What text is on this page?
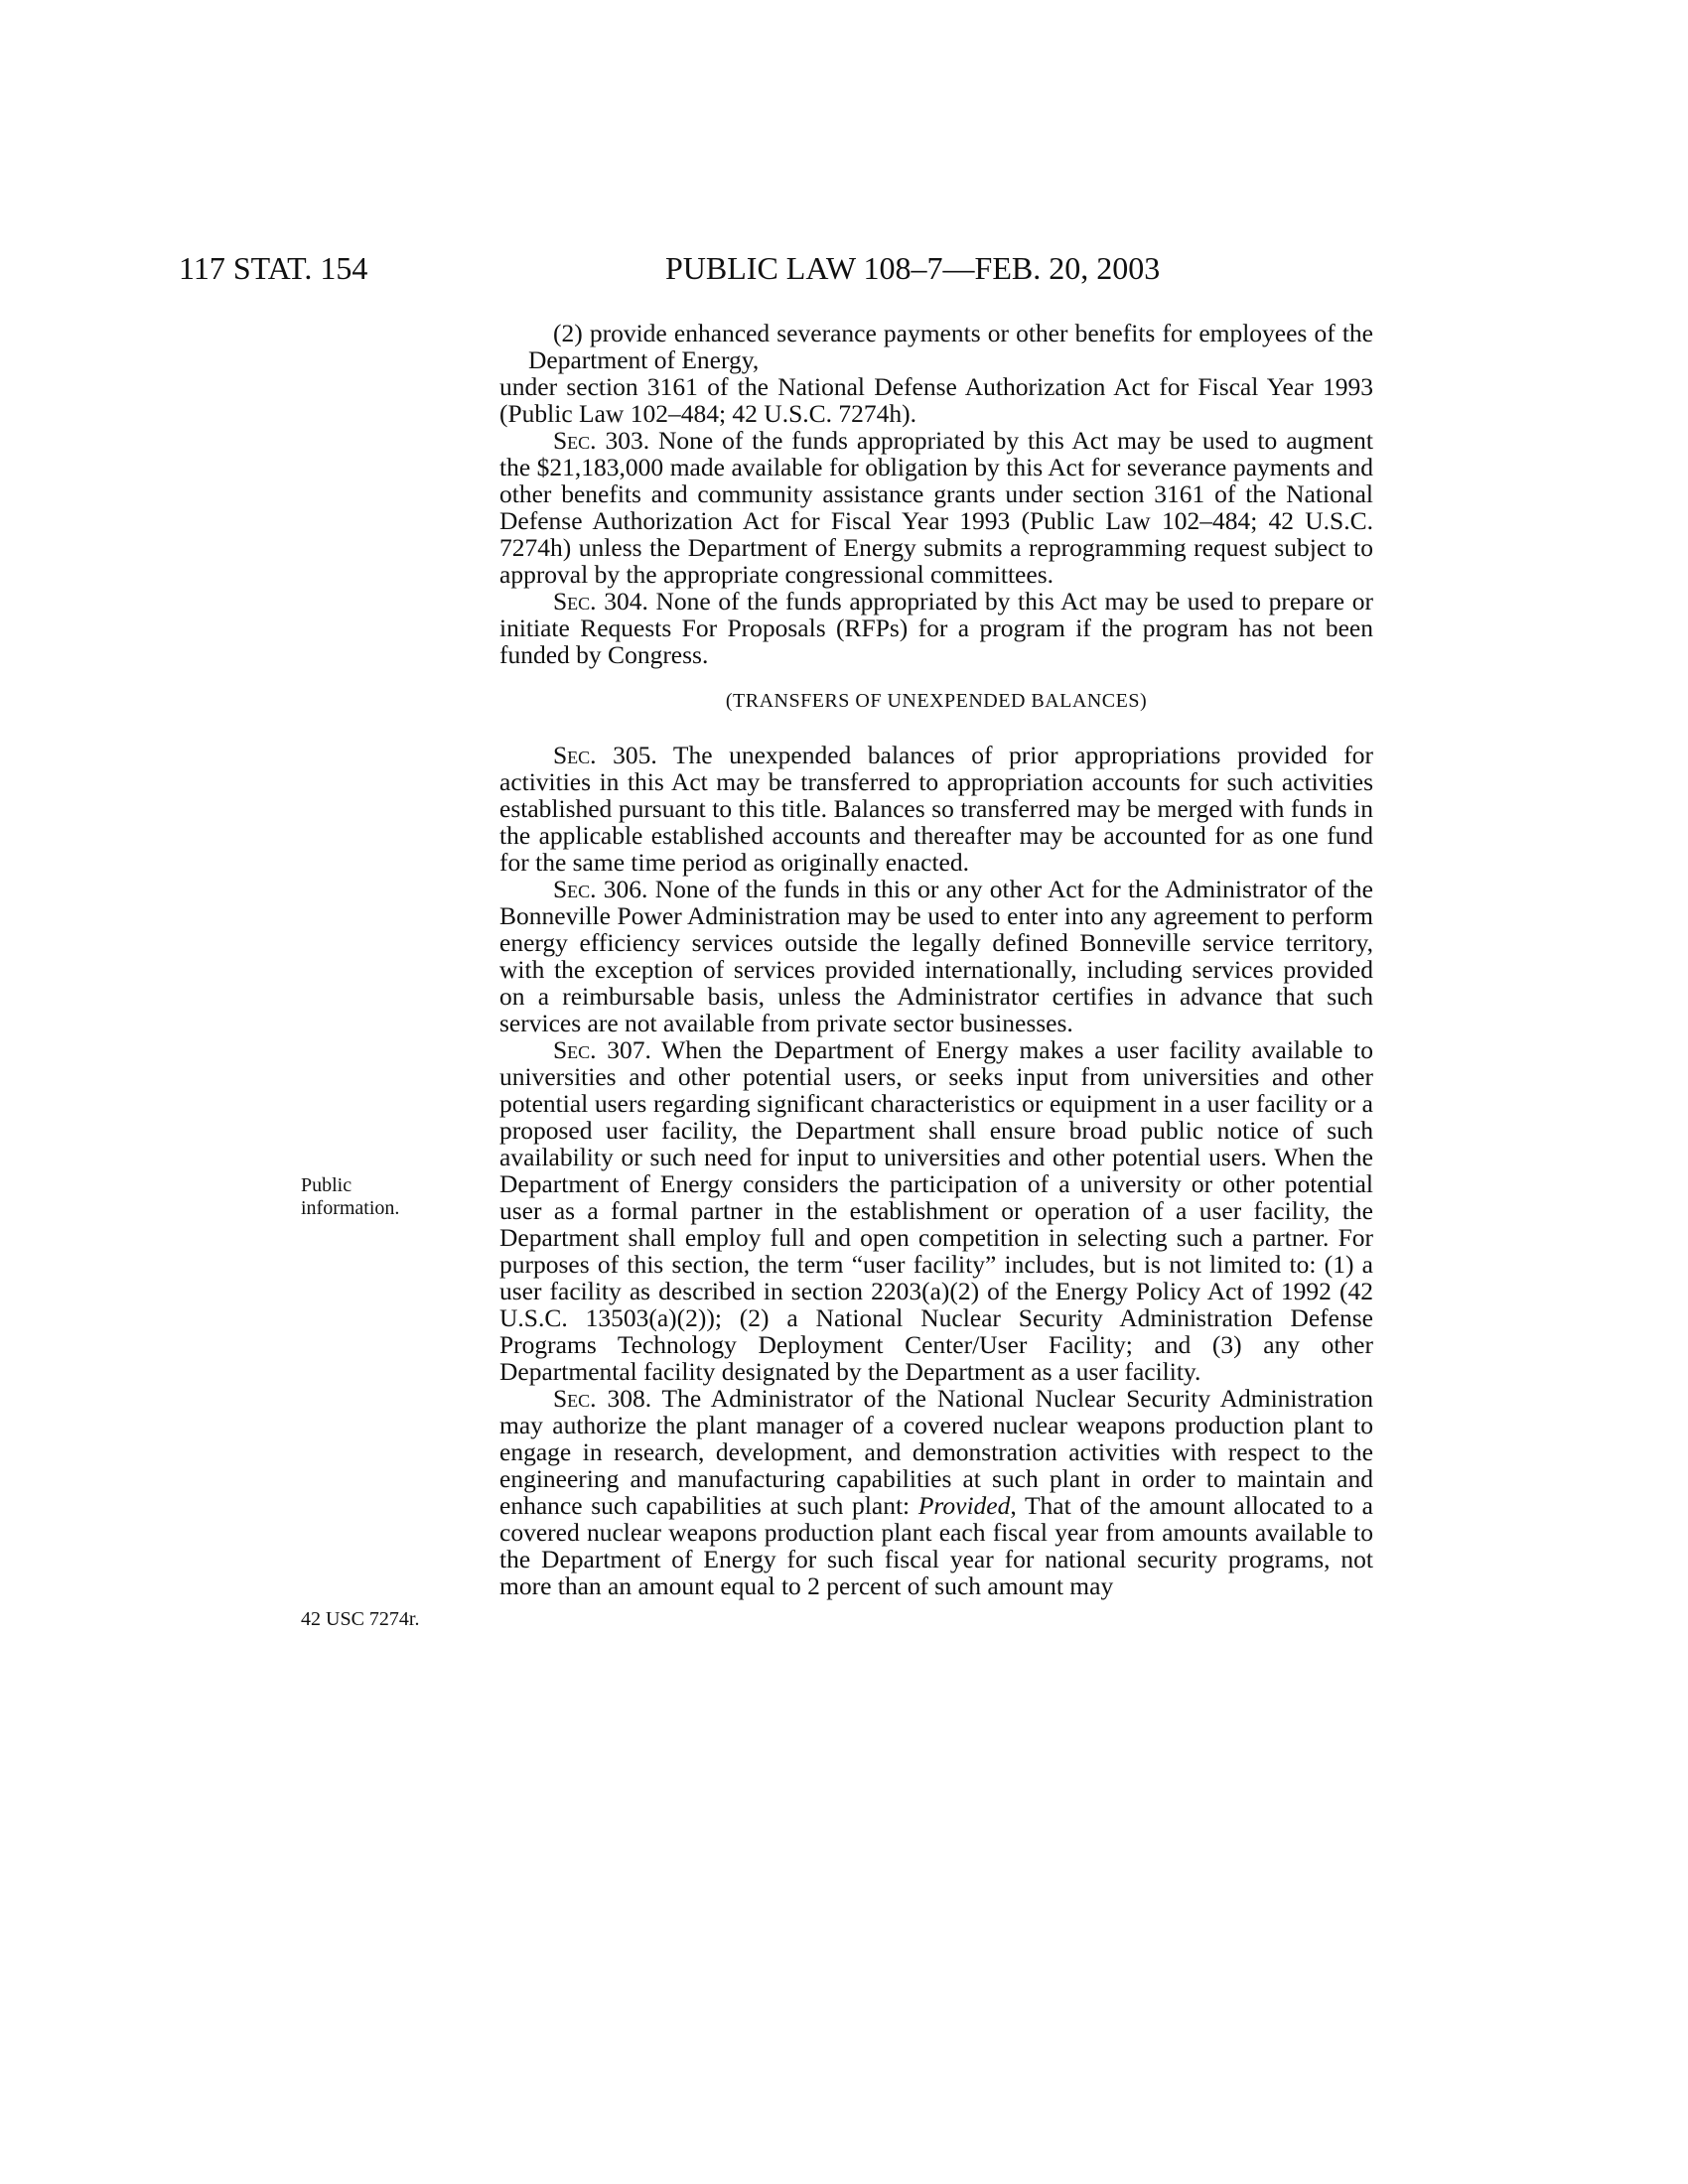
117 STAT. 154	PUBLIC LAW 108–7—FEB. 20, 2003
Public
information.
42 USC 7274r.

(2) provide enhanced severance payments or other benefits for employees of the Department of Energy,

under section 3161 of the National Defense Authorization Act for Fiscal Year 1993 (Public Law 102–484; 42 U.S.C. 7274h).

Sec. 303. None of the funds appropriated by this Act may be used to augment the $21,183,000 made available for obligation by this Act for severance payments and other benefits and community assistance grants under section 3161 of the National Defense Authorization Act for Fiscal Year 1993 (Public Law 102–484; 42 U.S.C. 7274h) unless the Department of Energy submits a reprogramming request subject to approval by the appropriate congressional committees.

Sec. 304. None of the funds appropriated by this Act may be used to prepare or initiate Requests For Proposals (RFPs) for a program if the program has not been funded by Congress.

(TRANSFERS OF UNEXPENDED BALANCES)

Sec. 305. The unexpended balances of prior appropriations provided for activities in this Act may be transferred to appropriation accounts for such activities established pursuant to this title. Balances so transferred may be merged with funds in the applicable established accounts and thereafter may be accounted for as one fund for the same time period as originally enacted.

Sec. 306. None of the funds in this or any other Act for the Administrator of the Bonneville Power Administration may be used to enter into any agreement to perform energy efficiency services outside the legally defined Bonneville service territory, with the exception of services provided internationally, including services provided on a reimbursable basis, unless the Administrator certifies in advance that such services are not available from private sector businesses.

Sec. 307. When the Department of Energy makes a user facility available to universities and other potential users, or seeks input from universities and other potential users regarding significant characteristics or equipment in a user facility or a proposed user facility, the Department shall ensure broad public notice of such availability or such need for input to universities and other potential users. When the Department of Energy considers the participation of a university or other potential user as a formal partner in the establishment or operation of a user facility, the Department shall employ full and open competition in selecting such a partner. For purposes of this section, the term “user facility” includes, but is not limited to: (1) a user facility as described in section 2203(a)(2) of the Energy Policy Act of 1992 (42 U.S.C. 13503(a)(2)); (2) a National Nuclear Security Administration Defense Programs Technology Deployment Center/User Facility; and (3) any other Departmental facility designated by the Department as a user facility.

Sec. 308. The Administrator of the National Nuclear Security Administration may authorize the plant manager of a covered nuclear weapons production plant to engage in research, development, and demonstration activities with respect to the engineering and manufacturing capabilities at such plant in order to maintain and enhance such capabilities at such plant: Provided, That of the amount allocated to a covered nuclear weapons production plant each fiscal year from amounts available to the Department of Energy for such fiscal year for national security programs, not more than an amount equal to 2 percent of such amount may
